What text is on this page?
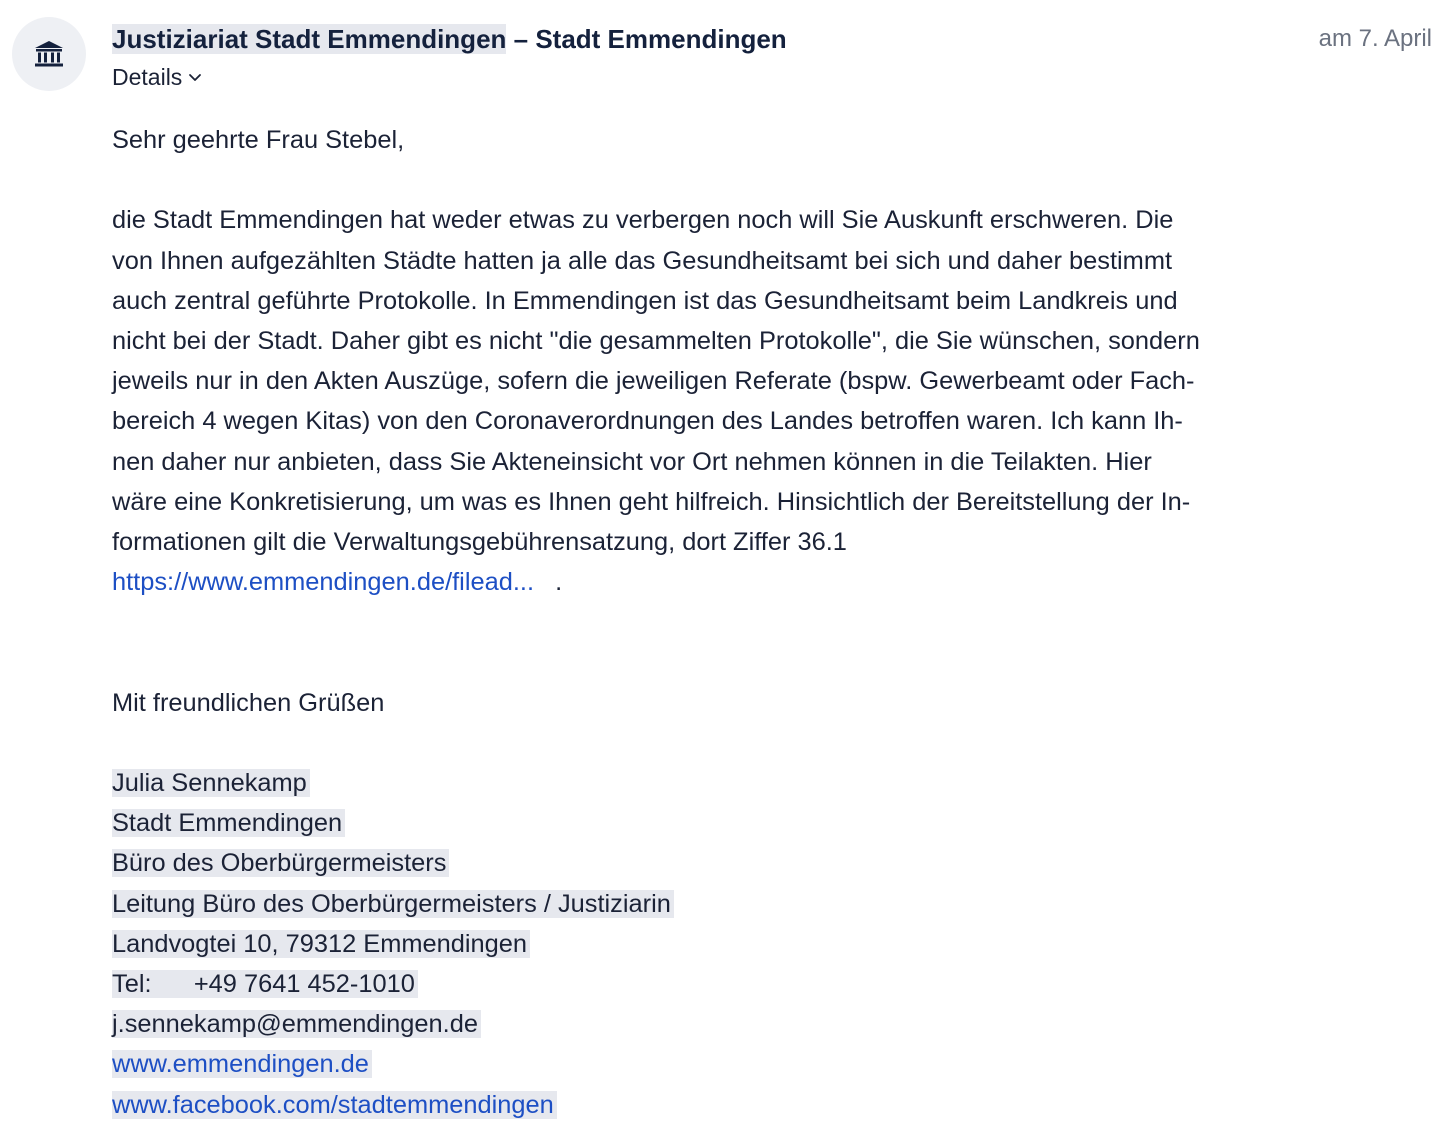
Justiziariat Stadt Emmendingen – Stadt Emmendingen	am 7. April
Details
Sehr geehrte Frau Stebel,
die Stadt Emmendingen hat weder etwas zu verbergen noch will Sie Auskunft erschweren. Die
von Ihnen aufgezählten Städte hatten ja alle das Gesundheitsamt bei sich und daher bestimmt
auch zentral geführte Protokolle. In Emmendingen ist das Gesundheitsamt beim Landkreis und
nicht bei der Stadt. Daher gibt es nicht "die gesammelten Protokolle", die Sie wünschen, sondern
jeweils nur in den Akten Auszüge, sofern die jeweiligen Referate (bspw. Gewerbeamt oder Fach-
bereich 4 wegen Kitas) von den Coronaverordnungen des Landes betroffen waren. Ich kann Ih-
nen daher nur anbieten, dass Sie Akteneinsicht vor Ort nehmen können in die Teilakten. Hier
wäre eine Konkretisierung, um was es Ihnen geht hilfreich. Hinsichtlich der Bereitstellung der In-
formationen gilt die Verwaltungsgebührensatzung, dort Ziffer 36.1
https://www.emmendingen.de/filead...   .
Mit freundlichen Grüßen
Julia Sennekamp
Stadt Emmendingen
Büro des Oberbürgermeisters
Leitung Büro des Oberbürgermeisters / Justiziarin
Landvogtei 10, 79312 Emmendingen
Tel: +49 7641 452-1010
j.sennekamp@emmendingen.de
www.emmendingen.de
www.facebook.com/stadtemmendingen
